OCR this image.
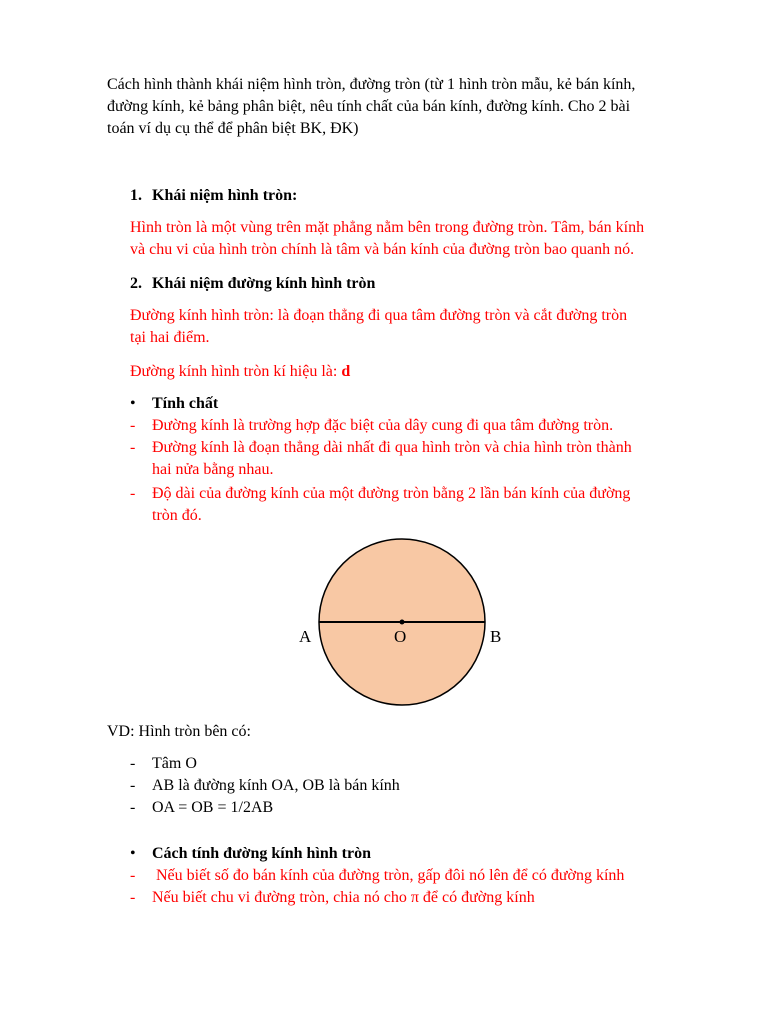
Cách hình thành khái niệm hình tròn, đường tròn (từ 1 hình tròn mẫu, kẻ bán kính,
đường kính, kẻ bảng phân biệt, nêu tính chất của bán kính, đường kính. Cho 2 bài
toán ví dụ cụ thể để phân biệt BK, ĐK)
1. Khái niệm hình tròn:
Hình tròn là một vùng trên mặt phẳng nằm bên trong đường tròn. Tâm, bán kính
và chu vi của hình tròn chính là tâm và bán kính của đường tròn bao quanh nó.
2. Khái niệm đường kính hình tròn
Đường kính hình tròn: là đoạn thẳng đi qua tâm đường tròn và cắt đường tròn
tại hai điểm.
Đường kính hình tròn kí hiệu là: d
• Tính chất
- Đường kính là trường hợp đặc biệt của dây cung đi qua tâm đường tròn.
- Đường kính là đoạn thẳng dài nhất đi qua hình tròn và chia hình tròn thành
hai nửa bằng nhau.
- Độ dài của đường kính của một đường tròn bằng 2 lần bán kính của đường
tròn đó.
A	O	B
VD: Hình tròn bên có:
- Tâm O
- AB là đường kính OA, OB là bán kính
- OA = OB = 1/2AB
• Cách tính đường kính hình tròn
- Nếu biết số đo bán kính của đường tròn, gấp đôi nó lên để có đường kính
- Nếu biết chu vi đường tròn, chia nó cho π để có đường kính
